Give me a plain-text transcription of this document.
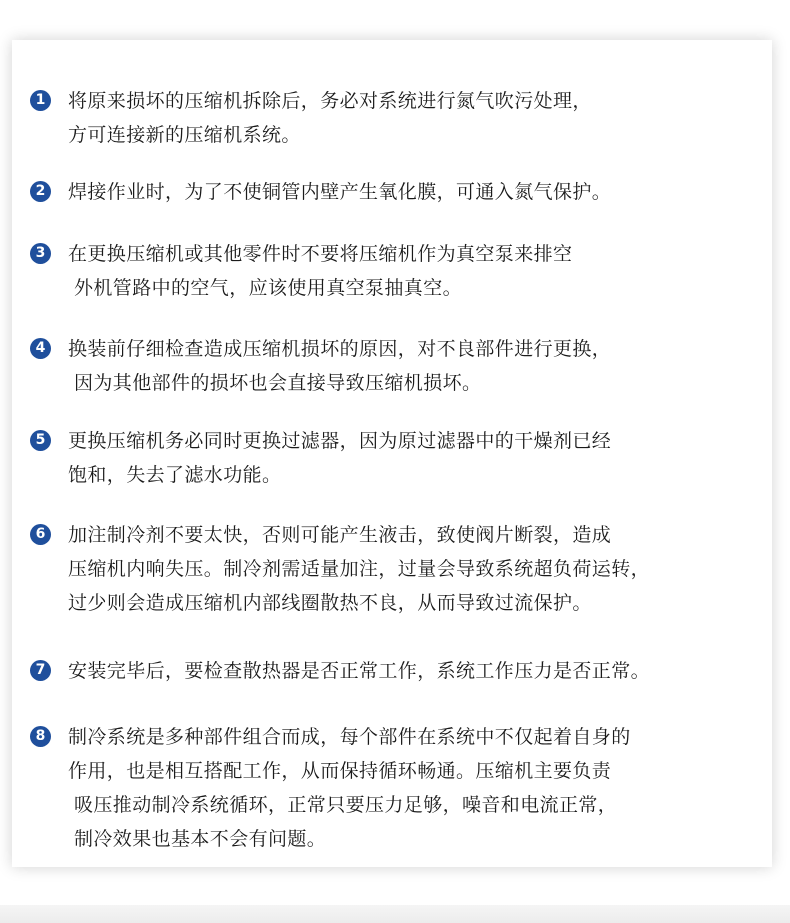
1 将原来损坏的压缩机拆除后，务必对系统进行氮气吹污处理，
方可连接新的压缩机系统。
2 焊接作业时，为了不使铜管内壁产生氧化膜，可通入氮气保护。
3 在更换压缩机或其他零件时不要将压缩机作为真空泵来排空
外机管路中的空气，应该使用真空泵抽真空。
4 换装前仔细检查造成压缩机损坏的原因，对不良部件进行更换，
因为其他部件的损坏也会直接导致压缩机损坏。
5 更换压缩机务必同时更换过滤器，因为原过滤器中的干燥剂已经
饱和，失去了滤水功能。
6 加注制冷剂不要太快，否则可能产生液击，致使阀片断裂，造成
压缩机内响失压。制冷剂需适量加注，过量会导致系统超负荷运转，
过少则会造成压缩机内部线圈散热不良，从而导致过流保护。
7 安装完毕后，要检查散热器是否正常工作，系统工作压力是否正常。
8 制冷系统是多种部件组合而成，每个部件在系统中不仅起着自身的
作用，也是相互搭配工作，从而保持循环畅通。压缩机主要负责
吸压推动制冷系统循环，正常只要压力足够，噪音和电流正常，
制冷效果也基本不会有问题。
